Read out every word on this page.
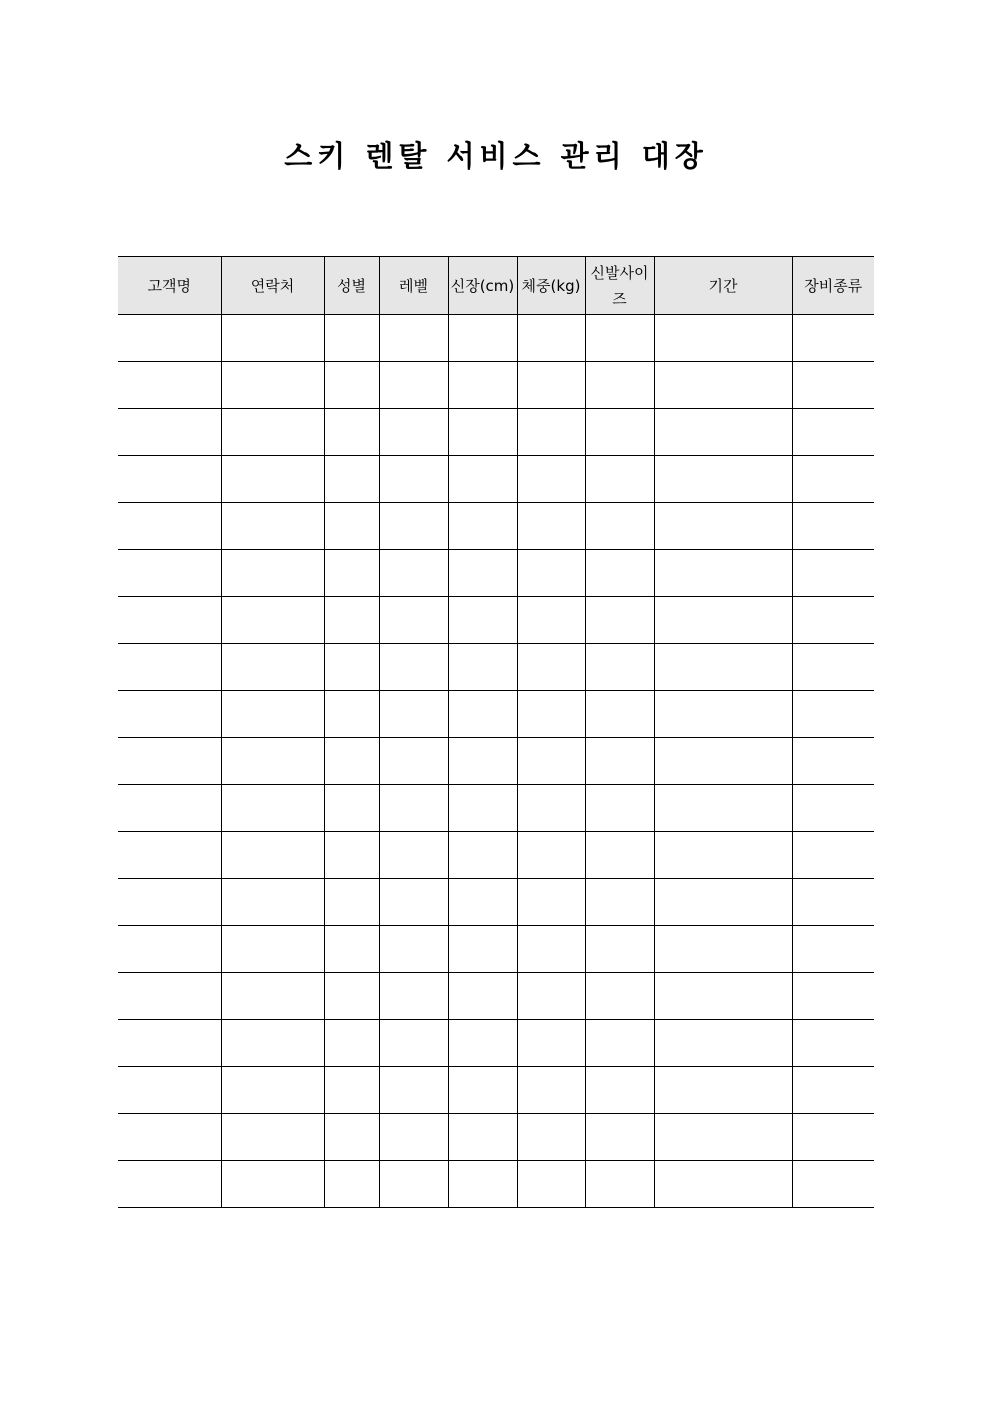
스키 렌탈 서비스 관리 대장
고객명	연락처	성별	레벨	신장(cm)	체중(kg)	신발사이즈	기간	장비종류
